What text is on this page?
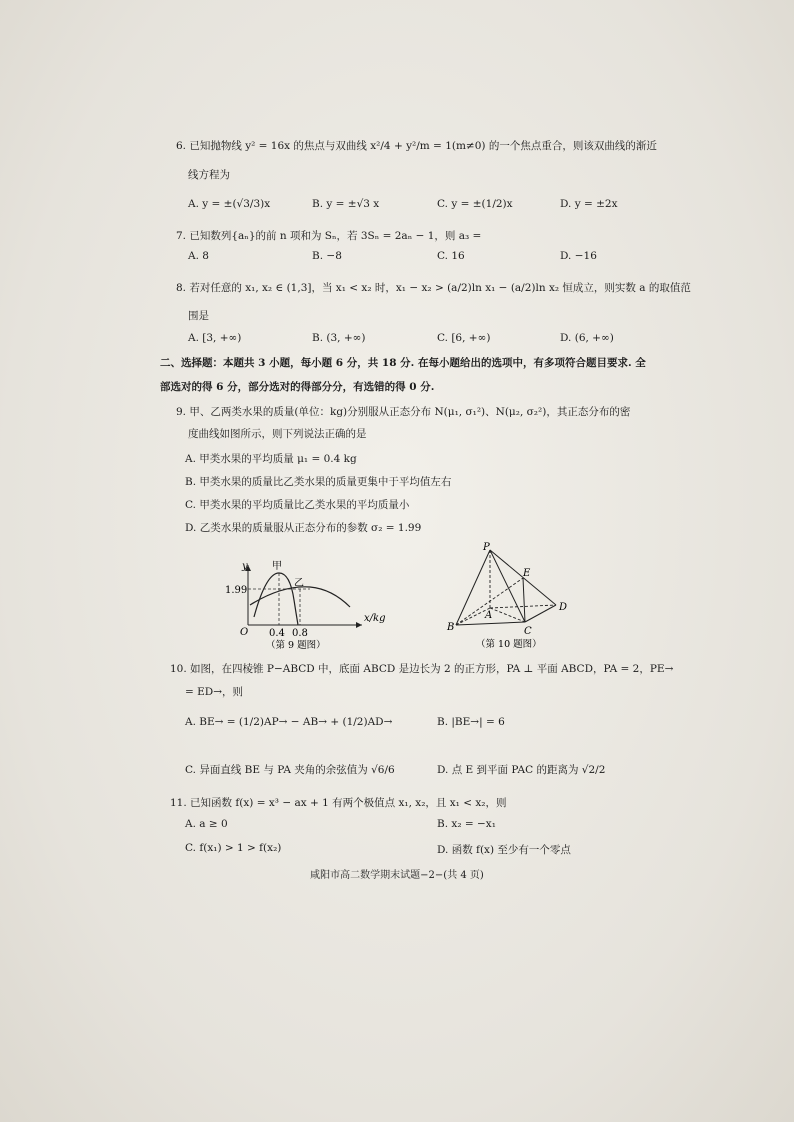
6. 已知抛物线 y² = 16x 的焦点与双曲线 x²/4 + y²/m = 1(m≠0) 的一个焦点重合，则该双曲线的渐近
线方程为
A. y = ±(√3/3)x	B. y = ±√3 x	C. y = ±(1/2)x	D. y = ±2x
7. 已知数列{aₙ}的前 n 项和为 Sₙ，若 3Sₙ = 2aₙ − 1，则 a₃ =
A. 8	B. −8	C. 16	D. −16
8. 若对任意的 x₁, x₂ ∈ (1,3]，当 x₁ < x₂ 时，x₁ − x₂ > (a/2)ln x₁ − (a/2)ln x₂ 恒成立，则实数 a 的取值范
围是
A. [3, +∞)	B. (3, +∞)	C. [6, +∞)	D. (6, +∞)
二、选择题：本题共 3 小题，每小题 6 分，共 18 分. 在每小题给出的选项中，有多项符合题目要求. 全
部选对的得 6 分，部分选对的得部分分，有选错的得 0 分.
9. 甲、乙两类水果的质量(单位：kg)分别服从正态分布 N(μ₁, σ₁²)、N(μ₂, σ₂²)，其正态分布的密
度曲线如图所示，则下列说法正确的是
A. 甲类水果的平均质量 μ₁ = 0.4 kg
B. 甲类水果的质量比乙类水果的质量更集中于平均值左右
C. 甲类水果的平均质量比乙类水果的平均质量小
D. 乙类水果的质量服从正态分布的参数 σ₂ = 1.99
y
x/kg
O
1.99
0.4 0.8
甲
乙
（第 9 题图）
P
E
A
B	C
D
（第 10 题图）
10. 如图，在四棱锥 P−ABCD 中，底面 ABCD 是边长为 2 的正方形，PA ⊥ 平面 ABCD，PA = 2，PE→
= ED→，则
A. BE→ = (1/2)AP→ − AB→ + (1/2)AD→	B. |BE→| = 6
C. 异面直线 BE 与 PA 夹角的余弦值为 √6/6	D. 点 E 到平面 PAC 的距离为 √2/2
11. 已知函数 f(x) = x³ − ax + 1 有两个极值点 x₁, x₂，且 x₁ < x₂，则
A. a ≥ 0	B. x₂ = −x₁
C. f(x₁) > 1 > f(x₂)	D. 函数 f(x) 至少有一个零点
咸阳市高二数学期末试题−2−(共 4 页)
